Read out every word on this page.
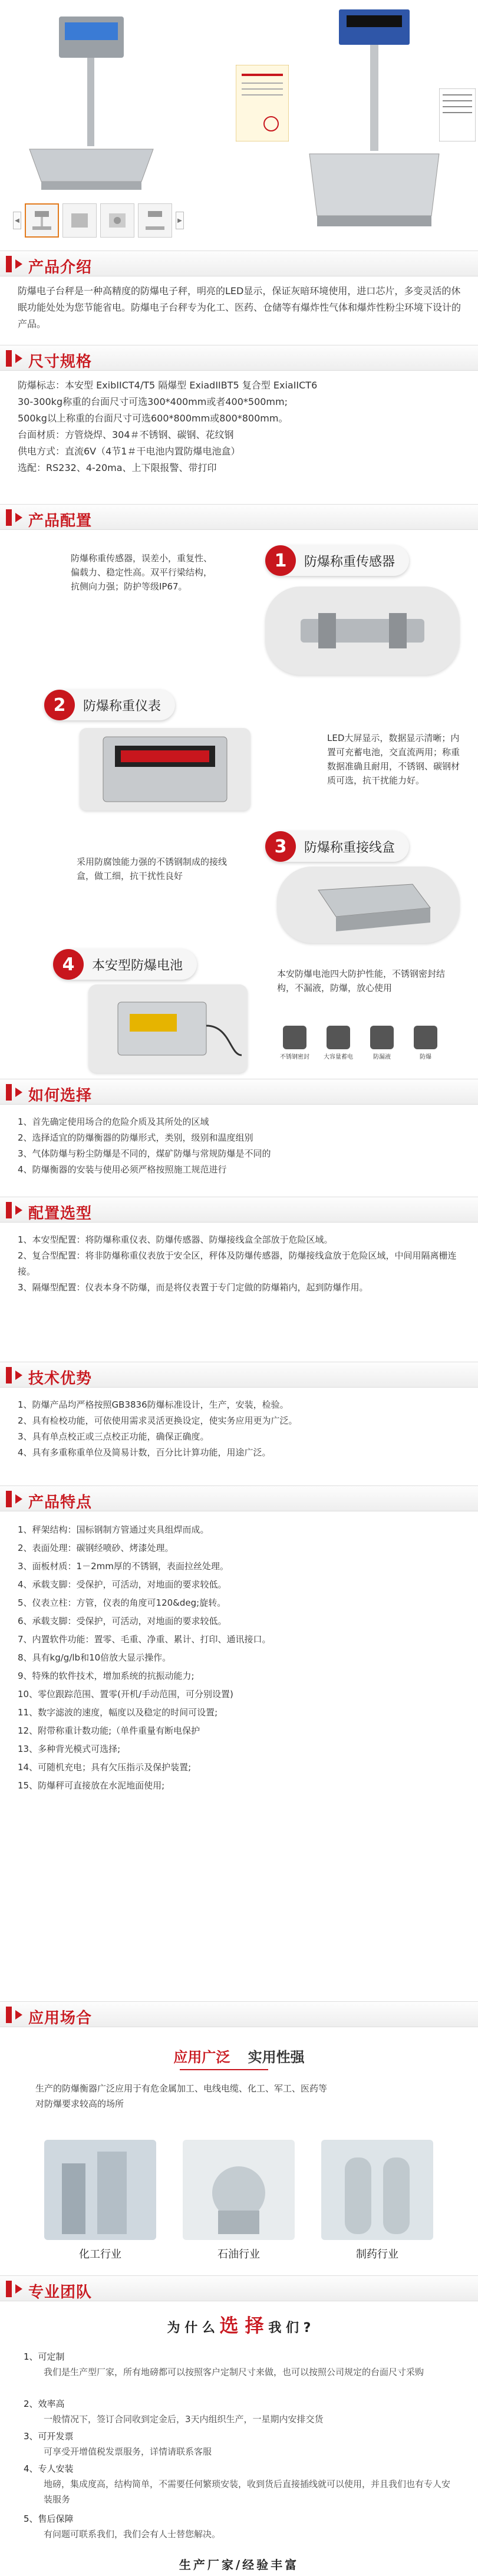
◀	▶
产品介绍

防爆电子台秤是一种高精度的防爆电子秤，明亮的LED显示，保证灰暗环境使用，进口芯片，多变灵活的休眠功能处处为您节能省电。防爆电子台秤专为化工、医药、仓储等有爆炸性气体和爆炸性粉尘环境下设计的产品。

尺寸规格

防爆标志：本安型 ExibIICT4/T5 隔爆型 ExiadIIBT5 复合型 ExiaIICT6

30-300kg称重的台面尺寸可选300*400mm或者400*500mm;

500kg以上称重的台面尺寸可选600*800mm或800*800mm。

台面材质：方管烧焊、304＃不锈钢、碳钢、花纹钢

供电方式：直流6V（4节1＃干电池内置防爆电池盒）

选配：RS232、4-20ma、上下限报警、带打印

产品配置
1	防爆称重传感器
防爆称重传感器，误差小，重复性、偏载力、稳定性高。双平行梁结构，抗侧向力强；防护等级IP67。
2	防爆称重仪表
LED大屏显示，数据显示清晰；内置可充蓄电池，交直流两用；称重数据准确且耐用，不锈钢、碳钢材质可选，抗干扰能力好。
3	防爆称重接线盒
采用防腐蚀能力强的不锈钢制成的接线盒，做工细，抗干扰性良好
4	本安型防爆电池
本安防爆电池四大防护性能，不锈钢密封结构，不漏液，防爆，放心使用
不锈钢密封	大容量蓄电	防漏液	防爆
如何选择
1、首先确定使用场合的危险介质及其所处的区域
2、选择适宜的防爆衡器的防爆形式，类别，级别和温度组别
3、气体防爆与粉尘防爆是不同的，煤矿防爆与常规防爆是不同的
4、防爆衡器的安装与使用必须严格按照施工规范进行
配置选型
1、本安型配置：将防爆称重仪表、防爆传感器、防爆接线盒全部放于危险区域。
2、复合型配置：将非防爆称重仪表放于安全区，秤体及防爆传感器，防爆接线盒放于危险区域，中间用隔离栅连接。
3、隔爆型配置：仪表本身不防爆，而是将仪表置于专门定做的防爆箱内，起到防爆作用。
技术优势
1、防爆产品均严格按照GB3836防爆标准设计，生产，安装，检验。
2、具有检校功能，可依使用需求灵活更换设定，使实务应用更为广泛。
3、具有单点校正或三点校正功能，确保正确度。
4、具有多重称重单位及简易计数，百分比计算功能，用途广泛。
产品特点
1、秤架结构：国标钢制方管通过夹具组焊而成。
2、表面处理：碳钢经喷砂、烤漆处理。
3、面板材质：1－2mm厚的不锈钢，表面拉丝处理。
4、承载支脚：受保护，可活动，对地面的要求较低。
5、仪表立柱：方管，仪表的角度可120&deg;旋转。
6、承载支脚：受保护，可活动，对地面的要求较低。
7、内置软件功能：置零、毛重、净重、累计、打印、通讯接口。
8、具有kg/g/lb和10倍放大显示操作。
9、特殊的软件技术，增加系统的抗振动能力;
10、零位跟踪范围、置零(开机/手动范围，可分别设置)
11、数字滤波的速度，幅度以及稳定的时间可设置;
12、附带称重计数功能;（单件重量有断电保护
13、多种背光模式可选择;
14、可随机充电；具有欠压指示及保护装置;
15、防爆秤可直接放在水泥地面使用;
应用场合
应用广泛 实用性强
生产的防爆衡器广泛应用于有危金属加工、电线电缆、化工、军工、医药等对防爆要求较高的场所
化工行业	石油行业	制药行业
专业团队
为 什 么 选 择 我 们 ?
1、可定制
我们是生产型厂家，所有地磅都可以按照客户定制尺寸来做，也可以按照公司规定的台面尺寸采购
2、效率高
一般情况下，签订合同收到定金后，3天内组织生产，一星期内安排交货
3、可开发票
可享受开增值税发票服务，详情请联系客服
4、专人安装
地磅，集成度高，结构简单，不需要任何繁琐安装，收到货后直接插线就可以使用，并且我们也有专人安装服务
5、售后保障
有问题可联系我们，我们会有人士替您解决。
生产厂家/经验丰富
